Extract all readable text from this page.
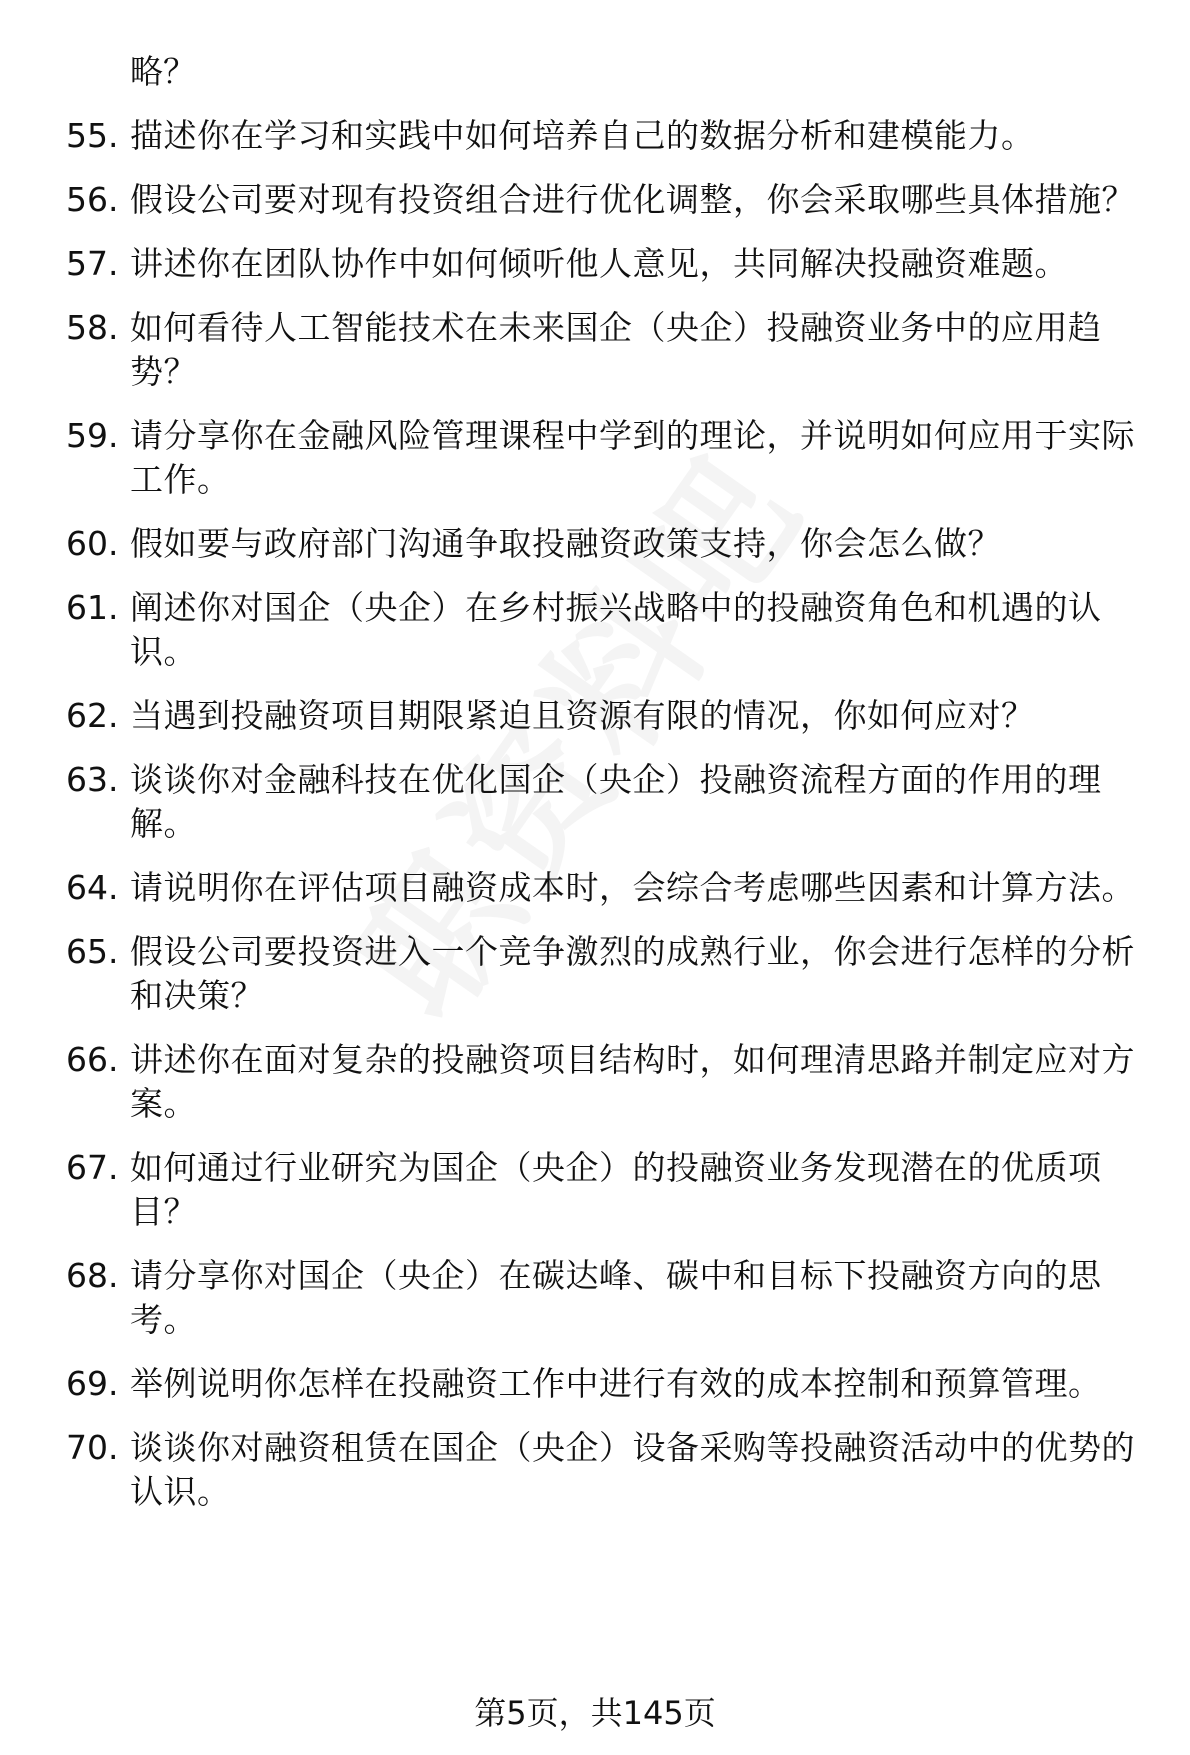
略？
55. 描述你在学习和实践中如何培养自己的数据分析和建模能力。
56. 假设公司要对现有投资组合进行优化调整，你会采取哪些具体措施？
57. 讲述你在团队协作中如何倾听他人意见，共同解决投融资难题。
58. 如何看待人工智能技术在未来国企（央企）投融资业务中的应用趋势？
59. 请分享你在金融风险管理课程中学到的理论，并说明如何应用于实际工作。
60. 假如要与政府部门沟通争取投融资政策支持，你会怎么做？
61. 阐述你对国企（央企）在乡村振兴战略中的投融资角色和机遇的认识。
62. 当遇到投融资项目期限紧迫且资源有限的情况，你如何应对？
63. 谈谈你对金融科技在优化国企（央企）投融资流程方面的作用的理解。
64. 请说明你在评估项目融资成本时，会综合考虑哪些因素和计算方法。
65. 假设公司要投资进入一个竞争激烈的成熟行业，你会进行怎样的分析和决策？
66. 讲述你在面对复杂的投融资项目结构时，如何理清思路并制定应对方案。
67. 如何通过行业研究为国企（央企）的投融资业务发现潜在的优质项目？
68. 请分享你对国企（央企）在碳达峰、碳中和目标下投融资方向的思考。
69. 举例说明你怎样在投融资工作中进行有效的成本控制和预算管理。
70. 谈谈你对融资租赁在国企（央企）设备采购等投融资活动中的优势的认识。
第5页，共145页
